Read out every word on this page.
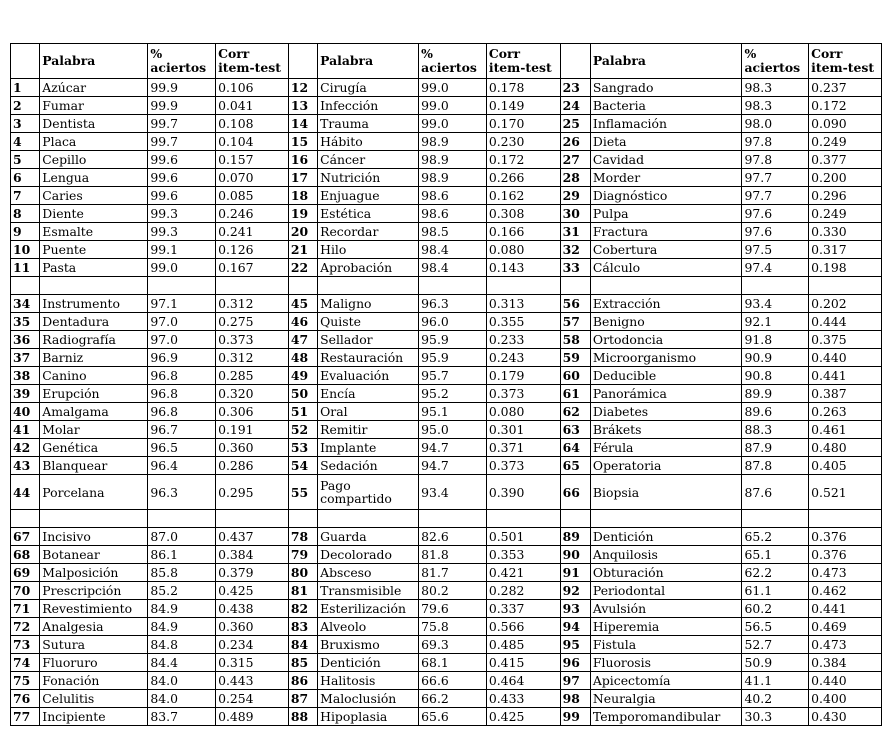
	Palabra	% aciertos	Corr item-test		Palabra	% aciertos	Corr item-test		Palabra	% aciertos	Corr item-test
1	Azúcar	99.9	0.106	12	Cirugía	99.0	0.178	23	Sangrado	98.3	0.237
2	Fumar	99.9	0.041	13	Infección	99.0	0.149	24	Bacteria	98.3	0.172
3	Dentista	99.7	0.108	14	Trauma	99.0	0.170	25	Inflamación	98.0	0.090
4	Placa	99.7	0.104	15	Hábito	98.9	0.230	26	Dieta	97.8	0.249
5	Cepillo	99.6	0.157	16	Cáncer	98.9	0.172	27	Cavidad	97.8	0.377
6	Lengua	99.6	0.070	17	Nutrición	98.9	0.266	28	Morder	97.7	0.200
7	Caries	99.6	0.085	18	Enjuague	98.6	0.162	29	Diagnóstico	97.7	0.296
8	Diente	99.3	0.246	19	Estética	98.6	0.308	30	Pulpa	97.6	0.249
9	Esmalte	99.3	0.241	20	Recordar	98.5	0.166	31	Fractura	97.6	0.330
10	Puente	99.1	0.126	21	Hilo	98.4	0.080	32	Cobertura	97.5	0.317
11	Pasta	99.0	0.167	22	Aprobación	98.4	0.143	33	Cálculo	97.4	0.198

34	Instrumento	97.1	0.312	45	Maligno	96.3	0.313	56	Extracción	93.4	0.202
35	Dentadura	97.0	0.275	46	Quiste	96.0	0.355	57	Benigno	92.1	0.444
36	Radiografía	97.0	0.373	47	Sellador	95.9	0.233	58	Ortodoncia	91.8	0.375
37	Barniz	96.9	0.312	48	Restauración	95.9	0.243	59	Microorganismo	90.9	0.440
38	Canino	96.8	0.285	49	Evaluación	95.7	0.179	60	Deducible	90.8	0.441
39	Erupción	96.8	0.320	50	Encía	95.2	0.373	61	Panorámica	89.9	0.387
40	Amalgama	96.8	0.306	51	Oral	95.1	0.080	62	Diabetes	89.6	0.263
41	Molar	96.7	0.191	52	Remitir	95.0	0.301	63	Brákets	88.3	0.461
42	Genética	96.5	0.360	53	Implante	94.7	0.371	64	Férula	87.9	0.480
43	Blanquear	96.4	0.286	54	Sedación	94.7	0.373	65	Operatoria	87.8	0.405
44	Porcelana	96.3	0.295	55	Pago compartido	93.4	0.390	66	Biopsia	87.6	0.521

67	Incisivo	87.0	0.437	78	Guarda	82.6	0.501	89	Dentición	65.2	0.376
68	Botanear	86.1	0.384	79	Decolorado	81.8	0.353	90	Anquilosis	65.1	0.376
69	Malposición	85.8	0.379	80	Absceso	81.7	0.421	91	Obturación	62.2	0.473
70	Prescripción	85.2	0.425	81	Transmisible	80.2	0.282	92	Periodontal	61.1	0.462
71	Revestimiento	84.9	0.438	82	Esterilización	79.6	0.337	93	Avulsión	60.2	0.441
72	Analgesia	84.9	0.360	83	Alveolo	75.8	0.566	94	Hiperemia	56.5	0.469
73	Sutura	84.8	0.234	84	Bruxismo	69.3	0.485	95	Fistula	52.7	0.473
74	Fluoruro	84.4	0.315	85	Dentición	68.1	0.415	96	Fluorosis	50.9	0.384
75	Fonación	84.0	0.443	86	Halitosis	66.6	0.464	97	Apicectomía	41.1	0.440
76	Celulitis	84.0	0.254	87	Maloclusión	66.2	0.433	98	Neuralgia	40.2	0.400
77	Incipiente	83.7	0.489	88	Hipoplasia	65.6	0.425	99	Temporomandibular	30.3	0.430
